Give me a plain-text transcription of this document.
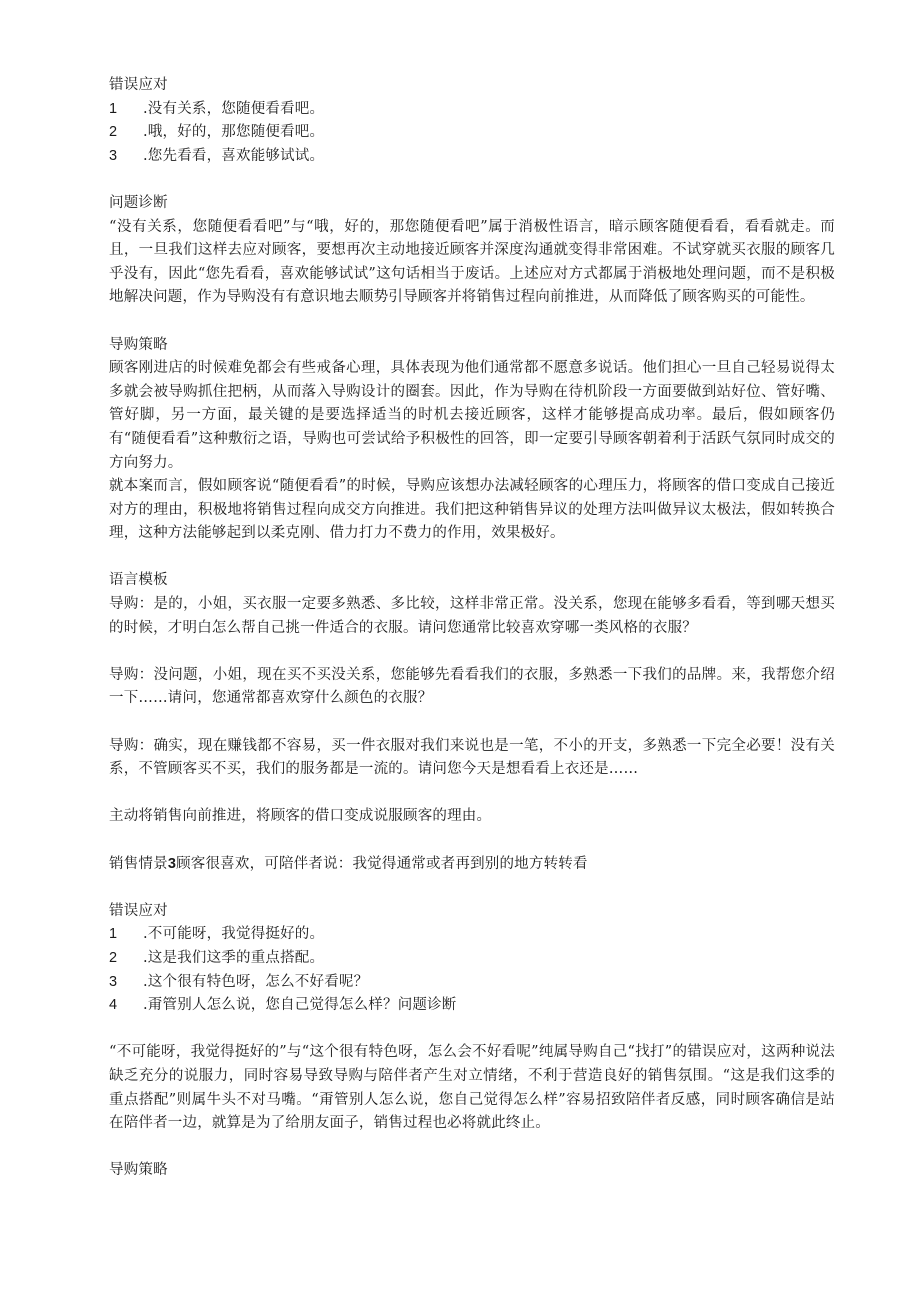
错误应对

1	.没有关系，您随便看看吧。
2	.哦，好的，那您随便看吧。
3	.您先看看，喜欢能够试试。

问题诊断

“没有关系，您随便看看吧”与“哦，好的，那您随便看吧”属于消极性语言，暗示顾客随便看看，看看就走。而且，一旦我们这样去应对顾客，要想再次主动地接近顾客并深度沟通就变得非常困难。不试穿就买衣服的顾客几乎没有，因此“您先看看，喜欢能够试试”这句话相当于废话。上述应对方式都属于消极地处理问题，而不是积极地解决问题，作为导购没有有意识地去顺势引导顾客并将销售过程向前推进，从而降低了顾客购买的可能性。

导购策略

顾客刚进店的时候难免都会有些戒备心理，具体表现为他们通常都不愿意多说话。他们担心一旦自己轻易说得太多就会被导购抓住把柄，从而落入导购设计的圈套。因此，作为导购在待机阶段一方面要做到站好位、管好嘴、管好脚，另一方面，最关键的是要选择适当的时机去接近顾客，这样才能够提高成功率。最后，假如顾客仍有“随便看看”这种敷衍之语，导购也可尝试给予积极性的回答，即一定要引导顾客朝着利于活跃气氛同时成交的方向努力。

就本案而言，假如顾客说“随便看看”的时候，导购应该想办法减轻顾客的心理压力，将顾客的借口变成自己接近对方的理由，积极地将销售过程向成交方向推进。我们把这种销售异议的处理方法叫做异议太极法，假如转换合理，这种方法能够起到以柔克刚、借力打力不费力的作用，效果极好。

语言模板

导购：是的，小姐，买衣服一定要多熟悉、多比较，这样非常正常。没关系，您现在能够多看看，等到哪天想买的时候，才明白怎么帮自己挑一件适合的衣服。请问您通常比较喜欢穿哪一类风格的衣服？

导购：没问题，小姐，现在买不买没关系，您能够先看看我们的衣服，多熟悉一下我们的品牌。来，我帮您介绍一下……请问，您通常都喜欢穿什么颜色的衣服？

导购：确实，现在赚钱都不容易，买一件衣服对我们来说也是一笔，不小的开支，多熟悉一下完全必要！没有关系，不管顾客买不买，我们的服务都是一流的。请问您今天是想看看上衣还是……

主动将销售向前推进，将顾客的借口变成说服顾客的理由。

销售情景3顾客很喜欢，可陪伴者说：我觉得通常或者再到别的地方转转看

错误应对

1	.不可能呀，我觉得挺好的。
2	.这是我们这季的重点搭配。
3	.这个很有特色呀，怎么不好看呢？
4	.甭管别人怎么说，您自己觉得怎么样？问题诊断

“不可能呀，我觉得挺好的”与“这个很有特色呀，怎么会不好看呢”纯属导购自己“找打”的错误应对，这两种说法缺乏充分的说服力，同时容易导致导购与陪伴者产生对立情绪，不利于营造良好的销售氛围。“这是我们这季的重点搭配”则属牛头不对马嘴。“甭管别人怎么说，您自己觉得怎么样”容易招致陪伴者反感，同时顾客确信是站在陪伴者一边，就算是为了给朋友面子，销售过程也必将就此终止。

导购策略
